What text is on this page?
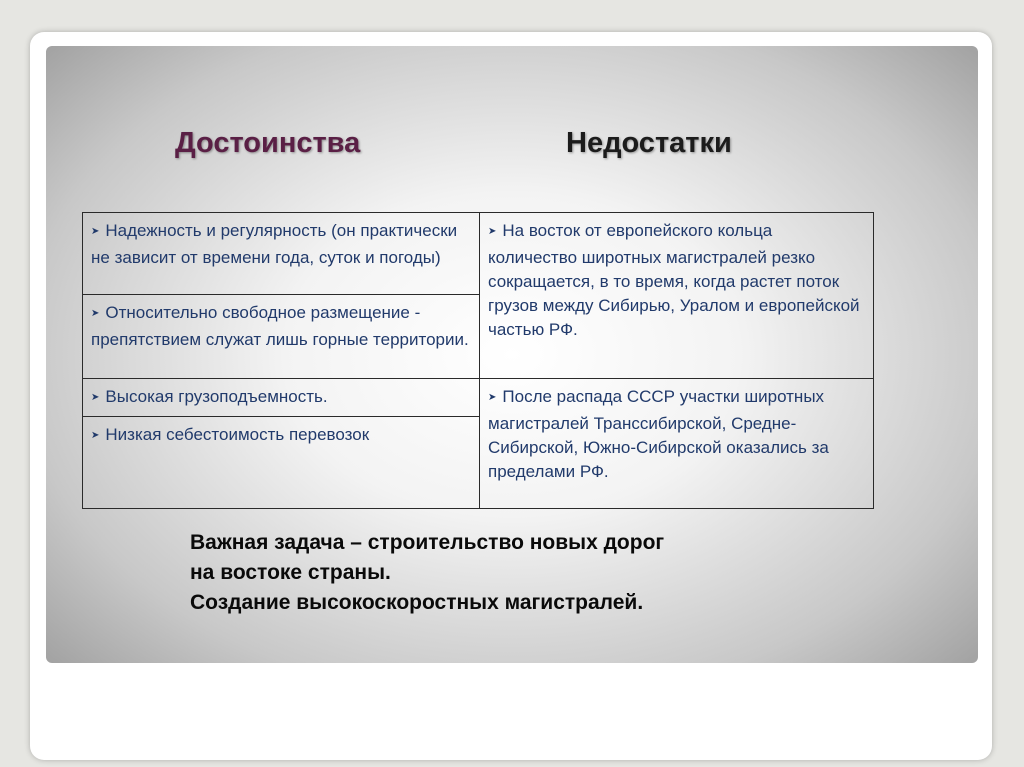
Достоинства	Недостатки
➤ Надежность и регулярность (он практически не зависит от времени года, суток и погоды)	➤ На восток от европейского кольца количество широтных магистралей резко сокращается, в то время, когда растет поток грузов между Сибирью, Уралом и европейской частью РФ.
➤ Относительно свободное размещение - препятствием служат лишь горные территории.	
➤ Высокая грузоподъемность.	➤ После распада СССР участки широтных магистралей Транссибирской, Средне-Сибирской, Южно-Сибирской оказались за пределами РФ.
➤ Низкая себестоимость перевозок	
Важная задача – строительство новых дорог
на востоке страны.
Создание высокоскоростных магистралей.
